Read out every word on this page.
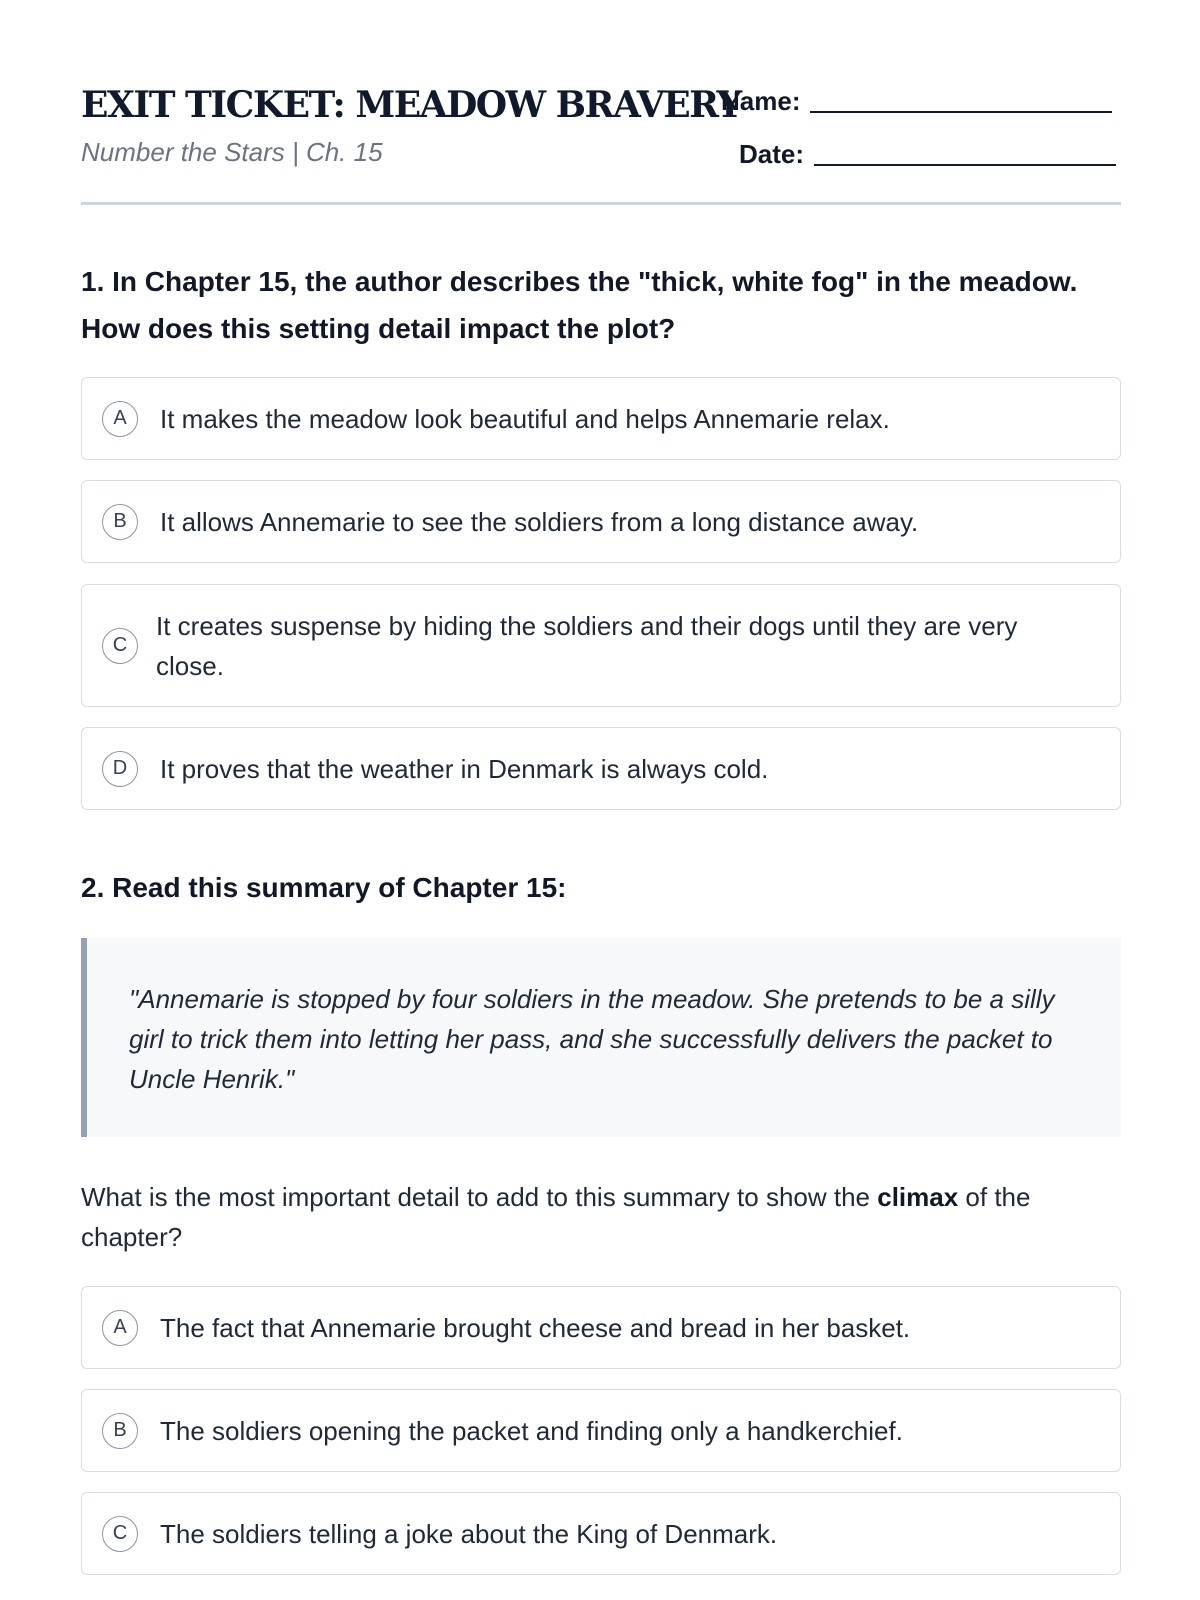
EXIT TICKET: MEADOW BRAVERY
Number the Stars | Ch. 15
Name:
Date:

1. In Chapter 15, the author describes the "thick, white fog" in the meadow. How does this setting detail impact the plot?

A	It makes the meadow look beautiful and helps Annemarie relax.
B	It allows Annemarie to see the soldiers from a long distance away.
C
It creates suspense by hiding the soldiers and their dogs until they are very close.
D	It proves that the weather in Denmark is always cold.

2. Read this summary of Chapter 15:

"Annemarie is stopped by four soldiers in the meadow. She pretends to be a silly girl to trick them into letting her pass, and she successfully delivers the packet to Uncle Henrik."

What is the most important detail to add to this summary to show the climax of the chapter?

A	The fact that Annemarie brought cheese and bread in her basket.
B	The soldiers opening the packet and finding only a handkerchief.
C	The soldiers telling a joke about the King of Denmark.
